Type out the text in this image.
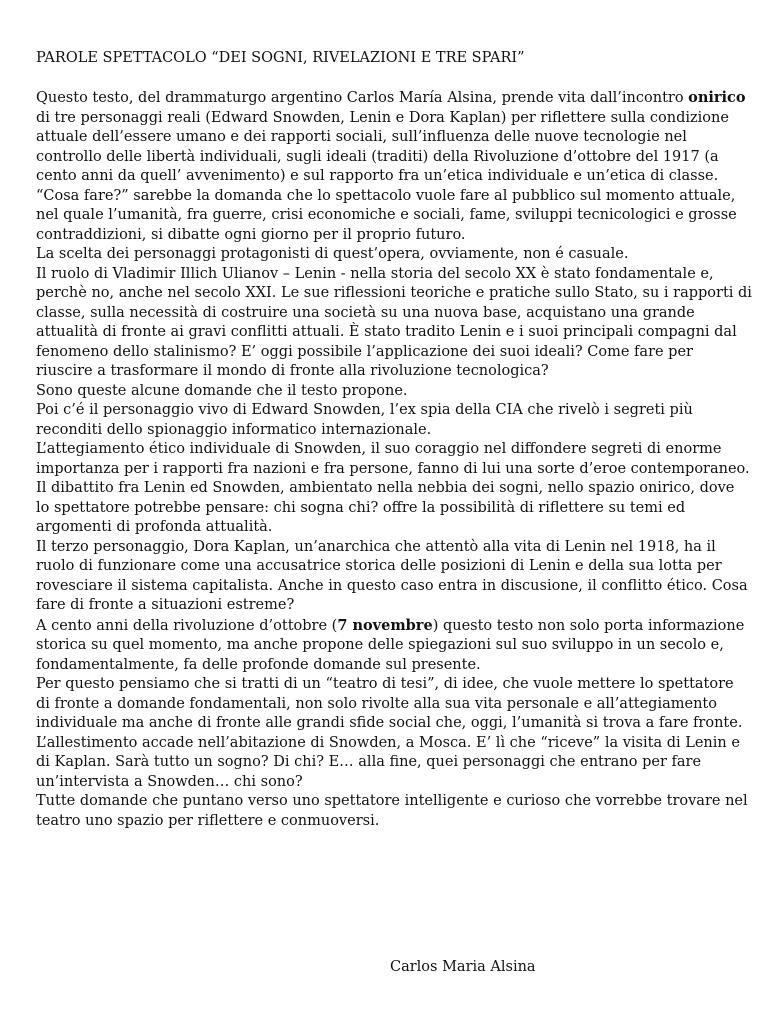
PAROLE SPETTACOLO “DEI SOGNI, RIVELAZIONI E TRE SPARI”

Questo testo, del drammaturgo argentino Carlos María Alsina, prende vita dall’incontro onirico di tre personaggi reali (Edward Snowden, Lenin e Dora Kaplan) per riflettere sulla condizione attuale dell’essere umano e dei rapporti sociali, sull’influenza delle nuove tecnologie nel controllo delle libertà individuali, sugli ideali (traditi) della Rivoluzione d’ottobre del 1917 (a cento anni da quell’ avvenimento) e sul rapporto fra un’etica individuale e un’etica di classe.

“Cosa fare?” sarebbe la domanda che lo spettacolo vuole fare al pubblico sul momento attuale, nel quale l’umanità, fra guerre, crisi economiche e sociali, fame, sviluppi tecnicologici e grosse contraddizioni, si dibatte ogni giorno per il proprio futuro.

La scelta dei personaggi protagonisti di quest’opera, ovviamente, non é casuale.

Il ruolo di Vladimir Illich Ulianov – Lenin - nella storia del secolo XX è stato fondamentale e, perchè no, anche nel secolo XXI. Le sue riflessioni teoriche e pratiche sullo Stato, su i rapporti di classe, sulla necessità di costruire una società su una nuova base, acquistano una grande attualità di fronte ai gravi conflitti attuali. È stato tradito Lenin e i suoi principali compagni dal fenomeno dello stalinismo? E’ oggi possibile l’applicazione dei suoi ideali? Come fare per riuscire a trasformare il mondo di fronte alla rivoluzione tecnologica?

Sono queste alcune domande che il testo propone.

Poi c’é il personaggio vivo di Edward Snowden, l’ex spia della CIA che rivelò i segreti più reconditi dello spionaggio informatico internazionale.

L’attegiamento ético individuale di Snowden, il suo coraggio nel diffondere segreti di enorme importanza per i rapporti fra nazioni e fra persone, fanno di lui una sorte d’eroe contemporaneo.

Il dibattito fra Lenin ed Snowden, ambientato nella nebbia dei sogni, nello spazio onirico, dove lo spettatore potrebbe pensare: chi sogna chi? offre la possibilità di riflettere su temi ed argomenti di profonda attualità.

Il terzo personaggio, Dora Kaplan, un’anarchica che attentò alla vita di Lenin nel 1918, ha il ruolo di funzionare come una accusatrice storica delle posizioni di Lenin e della sua lotta per rovesciare il sistema capitalista. Anche in questo caso entra in discusione, il conflitto ético. Cosa fare di fronte a situazioni estreme?

A cento anni della rivoluzione d’ottobre (7 novembre) questo testo non solo porta informazione storica su quel momento, ma anche propone delle spiegazioni sul suo sviluppo in un secolo e, fondamentalmente, fa delle profonde domande sul presente.

Per questo pensiamo che si tratti di un “teatro di tesi”, di idee, che vuole mettere lo spettatore di fronte a domande fondamentali, non solo rivolte alla sua vita personale e all’attegiamento individuale ma anche di fronte alle grandi sfide social che, oggi, l’umanità si trova a fare fronte.

L’allestimento accade nell’abitazione di Snowden, a Mosca. E’ lì che “riceve” la visita di Lenin e di Kaplan. Sarà tutto un sogno? Di chi? E… alla fine, quei personaggi che entrano per fare un’intervista a Snowden… chi sono?

Tutte domande che puntano verso uno spettatore intelligente e curioso che vorrebbe trovare nel teatro uno spazio per riflettere e conmuoversi.

Carlos Maria Alsina
